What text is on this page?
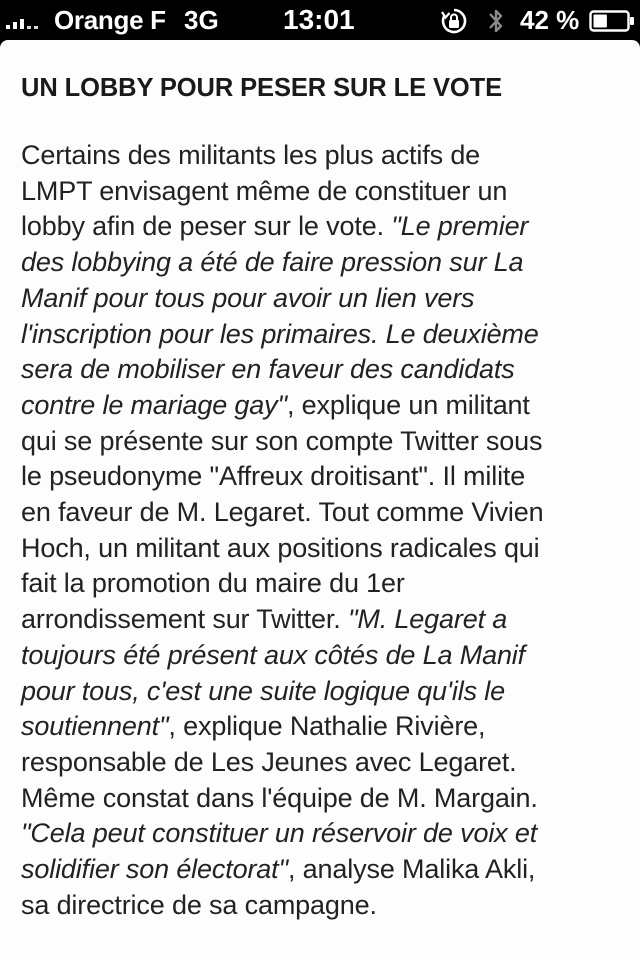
Orange F 3G 13:01	42 %
UN LOBBY POUR PESER SUR LE VOTE
Certains des militants les plus actifs de
LMPT envisagent même de constituer un
lobby afin de peser sur le vote. "Le premier
des lobbying a été de faire pression sur La
Manif pour tous pour avoir un lien vers
l'inscription pour les primaires. Le deuxième
sera de mobiliser en faveur des candidats
contre le mariage gay", explique un militant
qui se présente sur son compte Twitter sous
le pseudonyme "Affreux droitisant". Il milite
en faveur de M. Legaret. Tout comme Vivien
Hoch, un militant aux positions radicales qui
fait la promotion du maire du 1er
arrondissement sur Twitter. "M. Legaret a
toujours été présent aux côtés de La Manif
pour tous, c'est une suite logique qu'ils le
soutiennent", explique Nathalie Rivière,
responsable de Les Jeunes avec Legaret.
Même constat dans l'équipe de M. Margain.
"Cela peut constituer un réservoir de voix et
solidifier son électorat", analyse Malika Akli,
sa directrice de sa campagne.
